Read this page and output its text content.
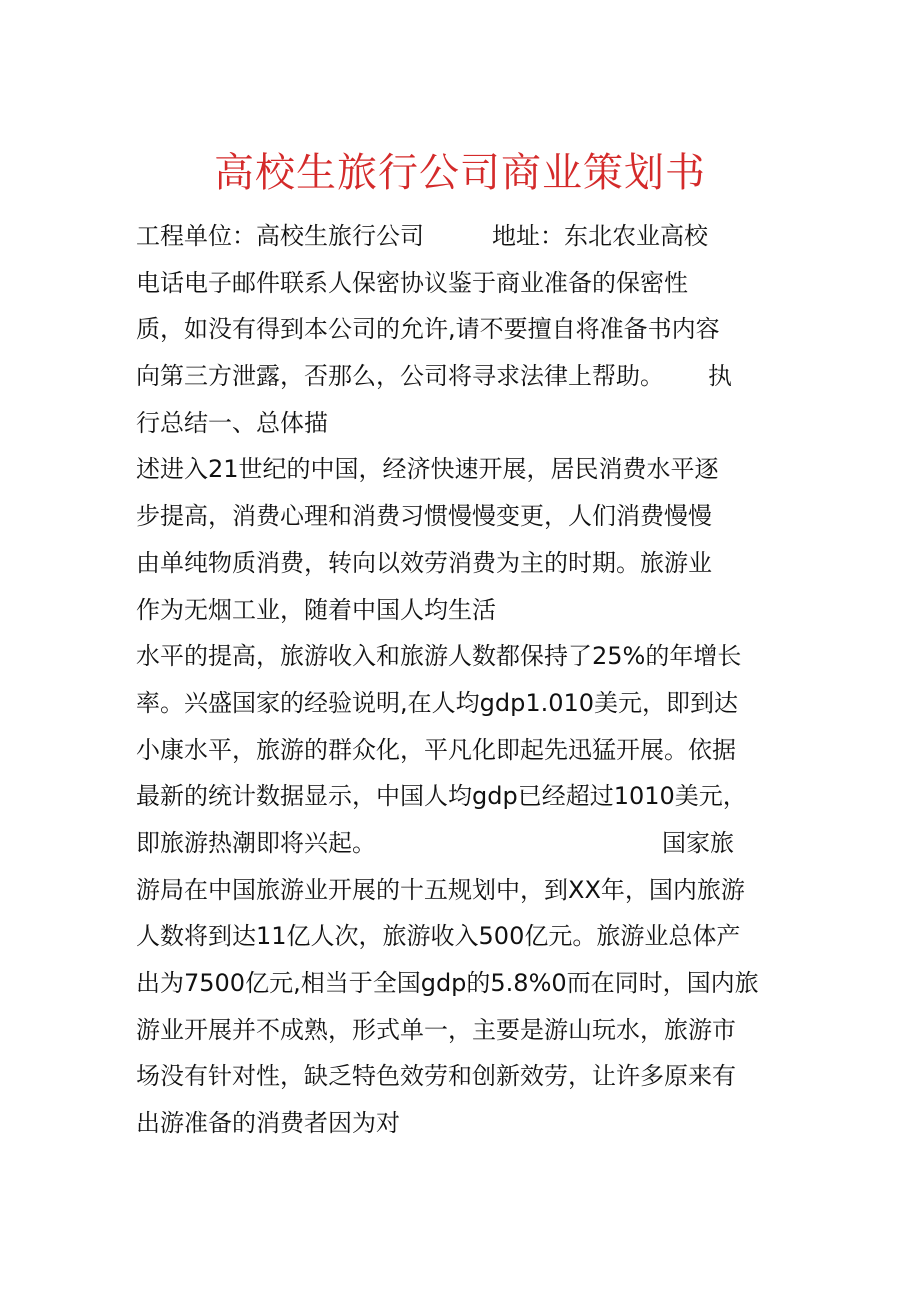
高校生旅行公司商业策划书
工程单位：高校生旅行公司	地址：东北农业高校
电话电子邮件联系人保密协议鉴于商业准备的保密性
质，如没有得到本公司的允许,请不要擅自将准备书内容
向第三方泄露，否那么，公司将寻求法律上帮助。 执
行总结一、总体描
述进入21世纪的中国，经济快速开展，居民消费水平逐
步提高，消费心理和消费习惯慢慢变更，人们消费慢慢
由单纯物质消费，转向以效劳消费为主的时期。旅游业
作为无烟工业，随着中国人均生活
水平的提高，旅游收入和旅游人数都保持了25%的年增长
率。兴盛国家的经验说明,在人均gdp1.010美元，即到达
小康水平，旅游的群众化，平凡化即起先迅猛开展。依据
最新的统计数据显示，中国人均gdp已经超过1010美元，
即旅游热潮即将兴起。	国家旅
游局在中国旅游业开展的十五规划中，到XX年，国内旅游
人数将到达11亿人次，旅游收入500亿元。旅游业总体产
出为7500亿元,相当于全国gdp的5.8%0而在同时，国内旅
游业开展并不成熟，形式单一，主要是游山玩水，旅游市
场没有针对性，缺乏特色效劳和创新效劳，让许多原来有
出游准备的消费者因为对
